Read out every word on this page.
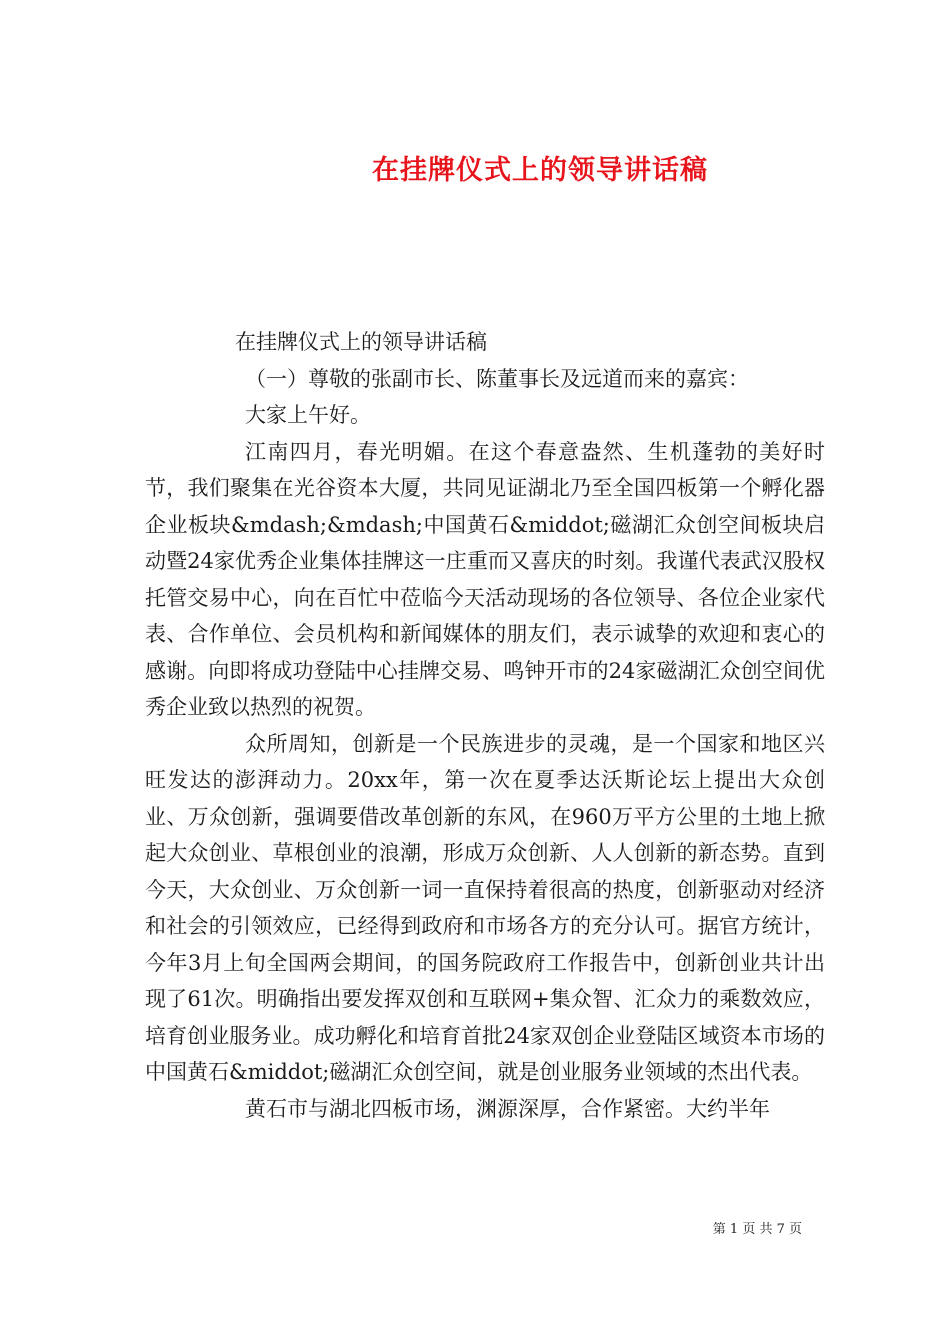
在挂牌仪式上的领导讲话稿

在挂牌仪式上的领导讲话稿

（一）尊敬的张副市长、陈董事长及远道而来的嘉宾：

大家上午好。

江南四月，春光明媚。在这个春意盎然、生机蓬勃的美好时节，我们聚集在光谷资本大厦，共同见证湖北乃至全国四板第一个孵化器企业板块&mdash;&mdash;中国黄石&middot;磁湖汇众创空间板块启动暨24家优秀企业集体挂牌这一庄重而又喜庆的时刻。我谨代表武汉股权托管交易中心，向在百忙中莅临今天活动现场的各位领导、各位企业家代表、合作单位、会员机构和新闻媒体的朋友们，表示诚挚的欢迎和衷心的感谢。向即将成功登陆中心挂牌交易、鸣钟开市的24家磁湖汇众创空间优秀企业致以热烈的祝贺。

众所周知，创新是一个民族进步的灵魂，是一个国家和地区兴旺发达的澎湃动力。20xx年，第一次在夏季达沃斯论坛上提出大众创业、万众创新，强调要借改革创新的东风，在960万平方公里的土地上掀起大众创业、草根创业的浪潮，形成万众创新、人人创新的新态势。直到今天，大众创业、万众创新一词一直保持着很高的热度，创新驱动对经济和社会的引领效应，已经得到政府和市场各方的充分认可。据官方统计，今年3月上旬全国两会期间，的国务院政府工作报告中，创新创业共计出现了61次。明确指出要发挥双创和互联网+集众智、汇众力的乘数效应，培育创业服务业。成功孵化和培育首批24家双创企业登陆区域资本市场的中国黄石&middot;磁湖汇众创空间，就是创业服务业领域的杰出代表。

黄石市与湖北四板市场，渊源深厚，合作紧密。大约半年

第 1 页 共 7 页
